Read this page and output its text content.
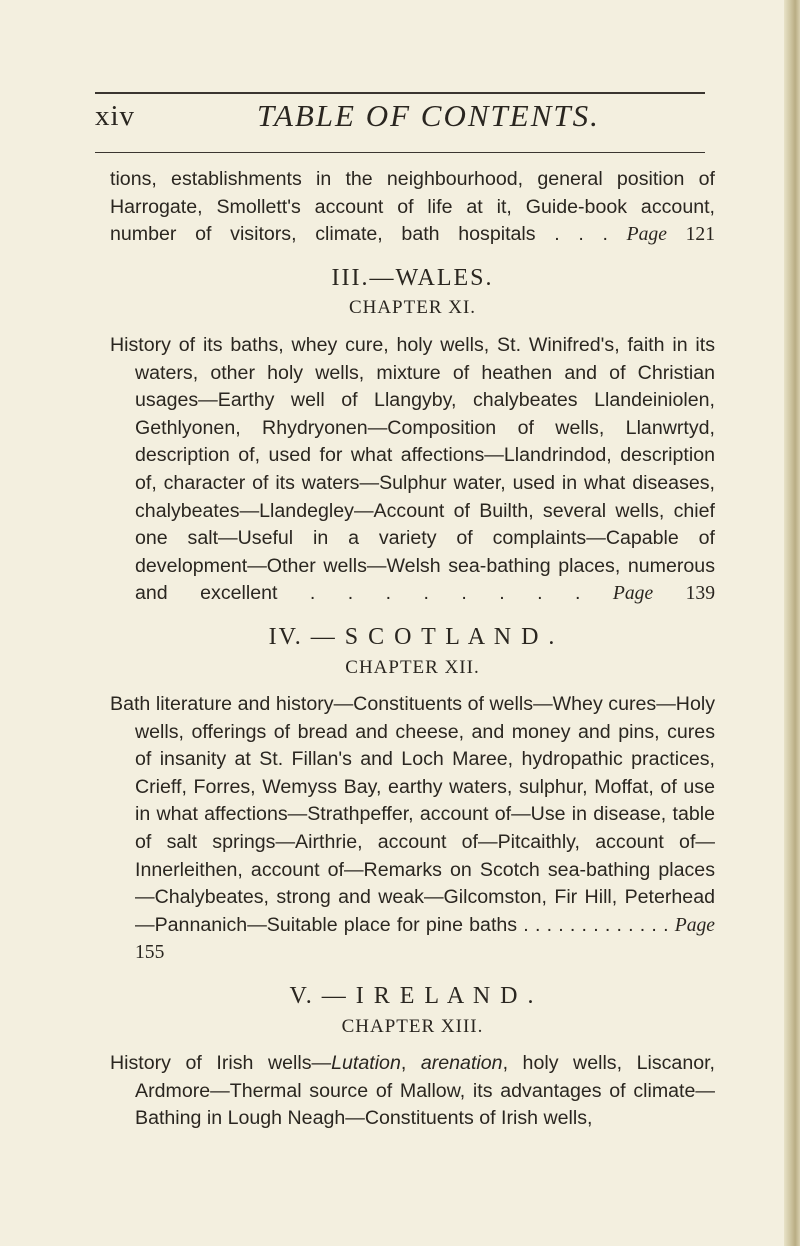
xiv	TABLE OF CONTENTS.
tions, establishments in the neighbourhood, general position of Harrogate, Smollett's account of life at it, Guide-book account, number of visitors, climate, bath hospitals . . . Page 121
III.—WALES.
CHAPTER XI.
History of its baths, whey cure, holy wells, St. Winifred's, faith in its waters, other holy wells, mixture of heathen and of Christian usages—Earthy well of Llangyby, chalybeates Llandeiniolen, Gethlyonen, Rhydryonen—Composition of wells, Llanwrtyd, description of, used for what affections—Llandrindod, description of, character of its waters—Sulphur water, used in what diseases, chalybeates—Llandegley—Account of Builth, several wells, chief one salt—Useful in a variety of complaints—Capable of development—Other wells—Welsh sea-bathing places, numerous and excellent . . . . . . . . Page 139
IV. — S C O T L A N D .
CHAPTER XII.
Bath literature and history—Constituents of wells—Whey cures—Holy wells, offerings of bread and cheese, and money and pins, cures of insanity at St. Fillan's and Loch Maree, hydropathic practices, Crieff, Forres, Wemyss Bay, earthy waters, sulphur, Moffat, of use in what affections—Strathpeffer, account of—Use in disease, table of salt springs—Airthrie, account of—Pitcaithly, account of—Innerleithen, account of—Remarks on Scotch sea-bathing places—Chalybeates, strong and weak—Gilcomston, Fir Hill, Peterhead—Pannanich—Suitable place for pine baths . . . . . . . . . . . . . Page 155
V. — I R E L A N D .
CHAPTER XIII.
History of Irish wells—Lutation, arenation, holy wells, Liscanor, Ardmore—Thermal source of Mallow, its advantages of climate—Bathing in Lough Neagh—Constituents of Irish wells,
